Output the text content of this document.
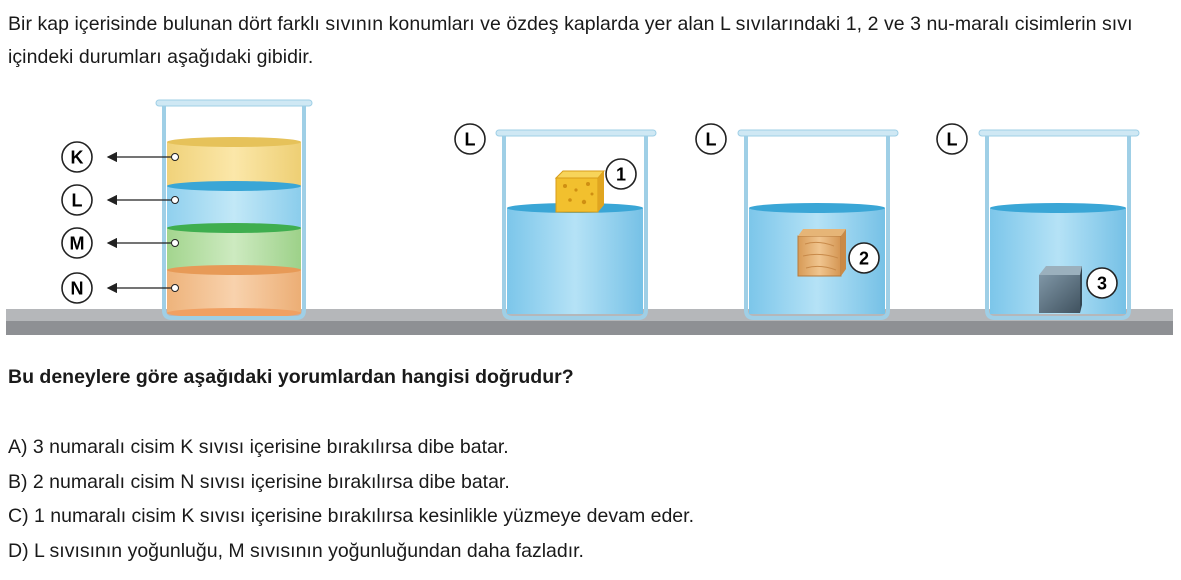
Bir kap içerisinde bulunan dört farklı sıvının konumları ve özdeş kaplarda yer alan L sıvılarındaki 1, 2 ve 3 nu-maralı cisimlerin sıvı içindeki durumları aşağıdaki gibidir.
K
L
M
N
1
L
2
L
3
L
Bu deneylere göre aşağıdaki yorumlardan hangisi doğrudur?
A) 3 numaralı cisim K sıvısı içerisine bırakılırsa dibe batar.
B) 2 numaralı cisim N sıvısı içerisine bırakılırsa dibe batar.
C) 1 numaralı cisim K sıvısı içerisine bırakılırsa kesinlikle yüzmeye devam eder.
D) L sıvısının yoğunluğu, M sıvısının yoğunluğundan daha fazladır.
